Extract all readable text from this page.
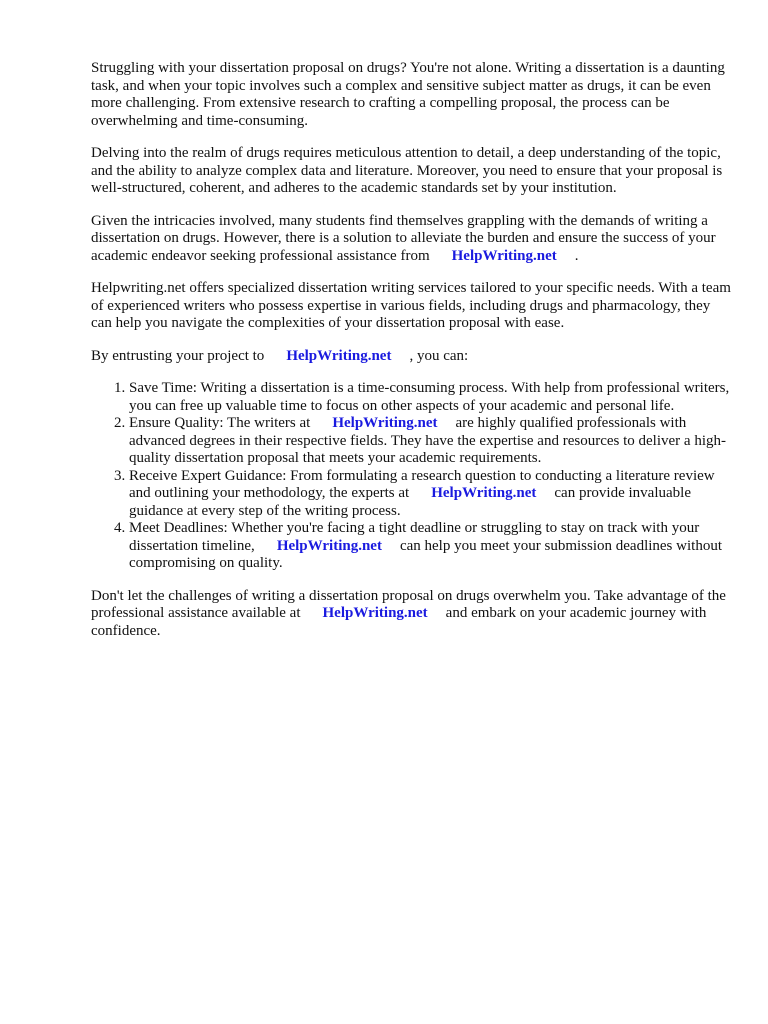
Struggling with your dissertation proposal on drugs? You're not alone. Writing a dissertation is a daunting task, and when your topic involves such a complex and sensitive subject matter as drugs, it can be even more challenging. From extensive research to crafting a compelling proposal, the process can be overwhelming and time-consuming.

Delving into the realm of drugs requires meticulous attention to detail, a deep understanding of the topic, and the ability to analyze complex data and literature. Moreover, you need to ensure that your proposal is well-structured, coherent, and adheres to the academic standards set by your institution.

Given the intricacies involved, many students find themselves grappling with the demands of writing a dissertation on drugs. However, there is a solution to alleviate the burden and ensure the success of your academic endeavor seeking professional assistance from HelpWriting.net .

Helpwriting.net offers specialized dissertation writing services tailored to your specific needs. With a team of experienced writers who possess expertise in various fields, including drugs and pharmacology, they can help you navigate the complexities of your dissertation proposal with ease.

By entrusting your project to HelpWriting.net , you can:

1. Save Time: Writing a dissertation is a time-consuming process. With help from professional writers, you can free up valuable time to focus on other aspects of your academic and personal life.
2. Ensure Quality: The writers at HelpWriting.net are highly qualified professionals with advanced degrees in their respective fields. They have the expertise and resources to deliver a high-quality dissertation proposal that meets your academic requirements.
3. Receive Expert Guidance: From formulating a research question to conducting a literature review and outlining your methodology, the experts at HelpWriting.net can provide invaluable guidance at every step of the writing process.
4. Meet Deadlines: Whether you're facing a tight deadline or struggling to stay on track with your dissertation timeline, HelpWriting.net can help you meet your submission deadlines without compromising on quality.

Don't let the challenges of writing a dissertation proposal on drugs overwhelm you. Take advantage of the professional assistance available at HelpWriting.net and embark on your academic journey with confidence.
